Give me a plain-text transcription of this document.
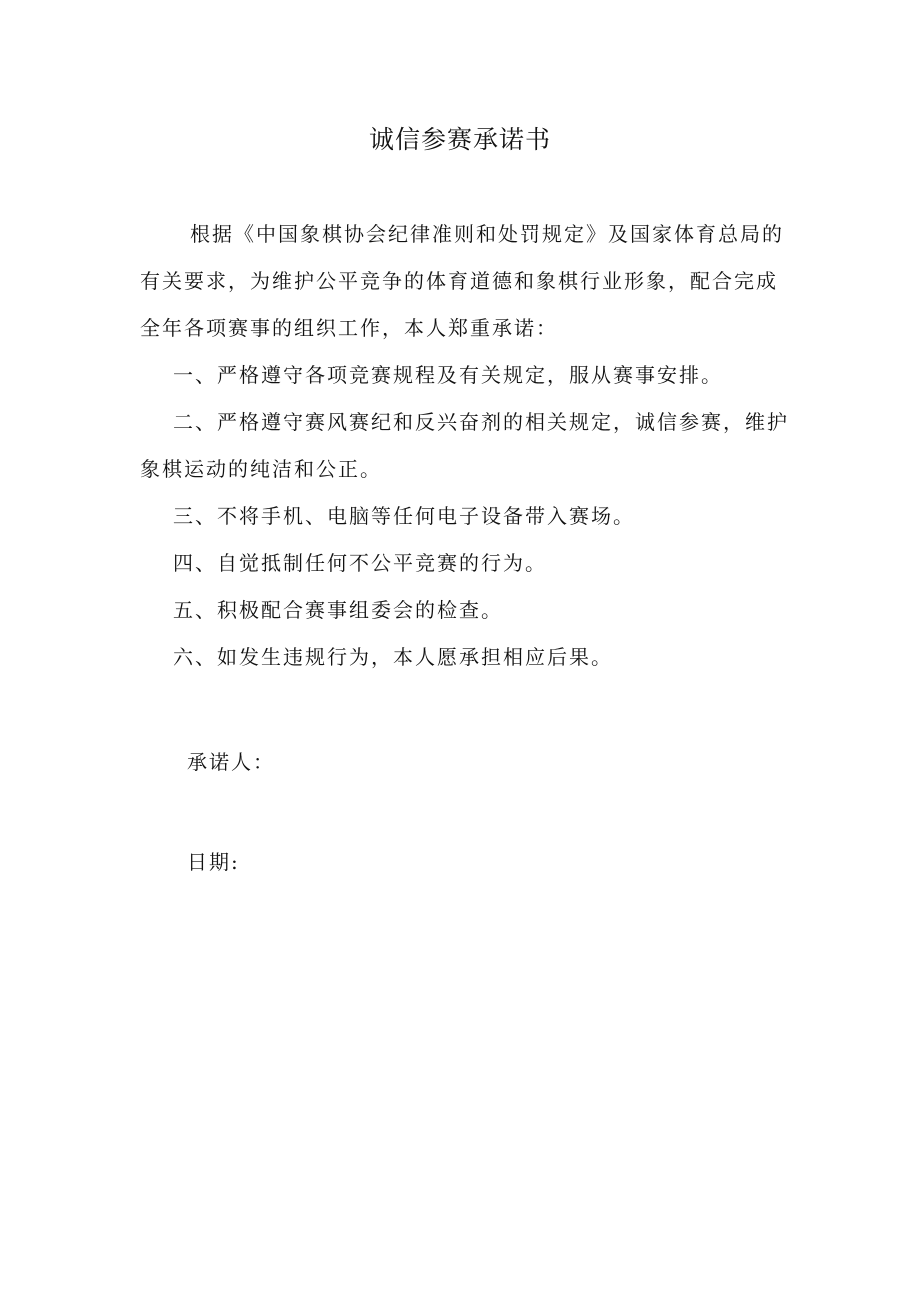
诚信参赛承诺书

根据《中国象棋协会纪律准则和处罚规定》及国家体育总局的有关要求，为维护公平竞争的体育道德和象棋行业形象，配合完成全年各项赛事的组织工作，本人郑重承诺：

一、严格遵守各项竞赛规程及有关规定，服从赛事安排。

二、严格遵守赛风赛纪和反兴奋剂的相关规定，诚信参赛，维护象棋运动的纯洁和公正。

三、不将手机、电脑等任何电子设备带入赛场。

四、自觉抵制任何不公平竞赛的行为。

五、积极配合赛事组委会的检查。

六、如发生违规行为，本人愿承担相应后果。

承诺人：
日期:
